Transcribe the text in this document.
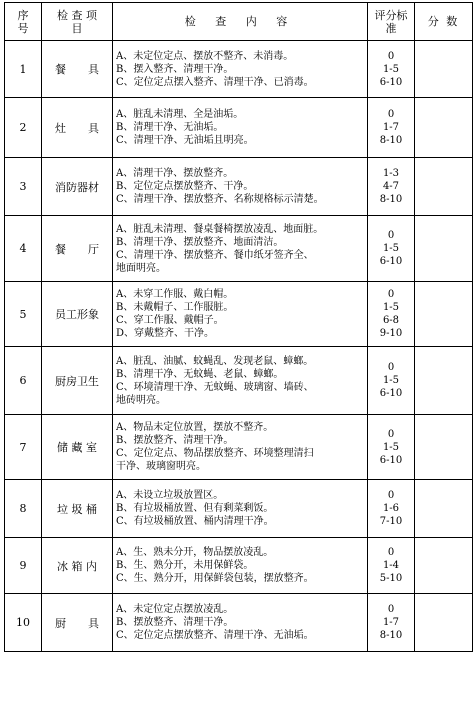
序
号	检 查 项
目	检 查 内 容	评分标
准	分 数
1	餐　　具	A、未定位定点、摆放不整齐、未消毒。
B、摆入整齐、清理干净。
C、定位定点摆入整齐、清理干净、已消毒。	0
1-5
6-10	

2	灶　　具	A、脏乱未清理、全是油垢。
B、清理干净、无油垢。
C、清理干净、无油垢且明亮。	0
1-7
8-10	

3	消防器材	A、清理干净、摆放整齐。
B、定位定点摆放整齐、干净。
C、清理干净、摆放整齐、名称规格标示清楚。	1-3
4-7
8-10	

4	餐　　厅	A、脏乱未清理、餐桌餐椅摆放凌乱、地面脏。
B、清理干净、摆放整齐、地面清洁。
C、清理干净、摆放整齐、餐巾纸牙签齐全、
地面明亮。	0
1-5
6-10	

5	员工形象	A、未穿工作服、戴白帽。
B、未戴帽子、工作服脏。
C、穿工作服、戴帽子。
D、穿戴整齐、干净。	0
1-5
6-8
9-10	

6	厨房卫生	A、脏乱、油腻、蚊蝇乱、发现老鼠、蟑螂。
B、清理干净、无蚊蝇、老鼠、蟑螂。
C、环境清理干净、无蚊蝇、玻璃窗、墙砖、
地砖明亮。	0
1-5
6-10	

7	储 藏 室	A、物品未定位放置，摆放不整齐。
B、摆放整齐、清理干净。
C、定位定点、物品摆放整齐、环境整理清扫
干净、玻璃窗明亮。	0
1-5
6-10	

8	垃 圾 桶	A、未设立垃圾放置区。
B、有垃圾桶放置、但有剩菜剩饭。
C、有垃圾桶放置、桶内清理干净。	0
1-6
7-10	

9	冰 箱 内	A、生、熟未分开，物品摆放凌乱。
B、生、熟分开，未用保鲜袋。
C、生、熟分开，用保鲜袋包装，摆放整齐。	0
1-4
5-10	

10	厨　　具	A、未定位定点摆放凌乱。
B、摆放整齐、清理干净。
C、定位定点摆放整齐、清理干净、无油垢。	0
1-7
8-10	
